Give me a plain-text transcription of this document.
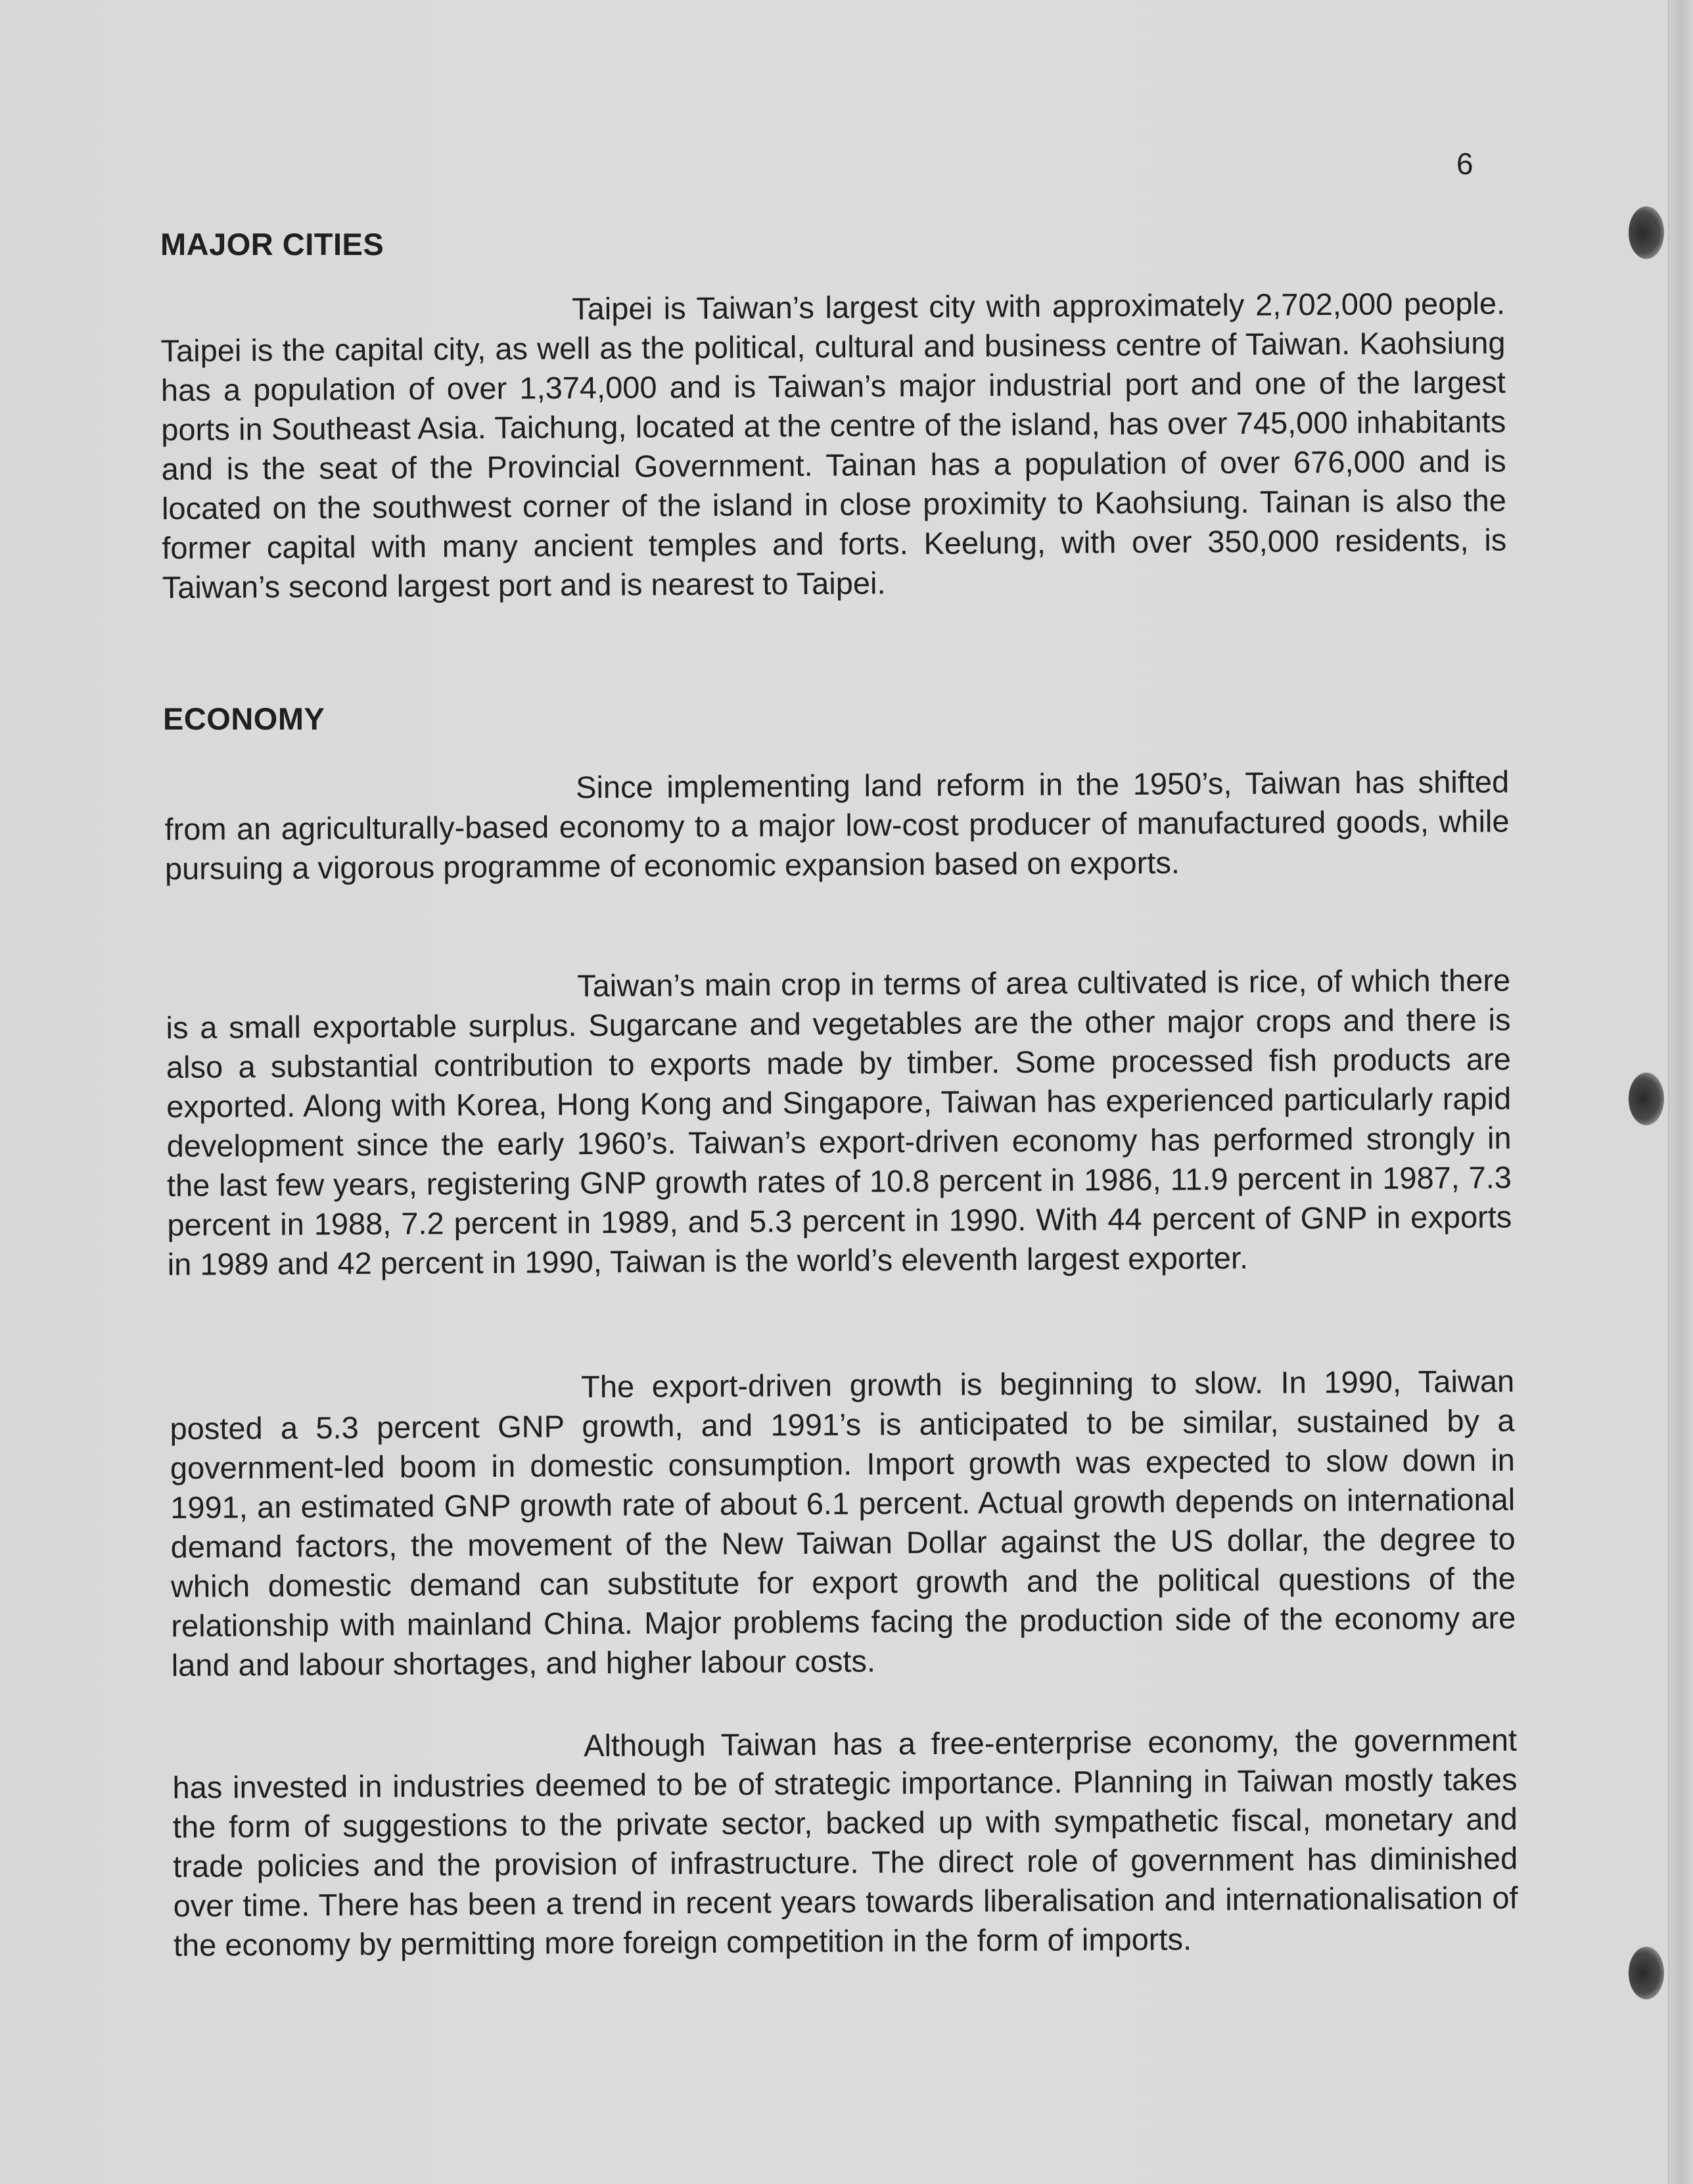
6
MAJOR CITIES

Taipei is Taiwan’s largest city with approximately 2,702,000 people. Taipei is the capital city, as well as the political, cultural and business centre of Taiwan. Kaohsiung has a population of over 1,374,000 and is Taiwan’s major industrial port and one of the largest ports in Southeast Asia. Taichung, located at the centre of the island, has over 745,000 inhabitants and is the seat of the Provincial Government. Tainan has a population of over 676,000 and is located on the southwest corner of the island in close proximity to Kaohsiung. Tainan is also the former capital with many ancient temples and forts. Keelung, with over 350,000 residents, is Taiwan’s second largest port and is nearest to Taipei.

ECONOMY

Since implementing land reform in the 1950’s, Taiwan has shifted from an agriculturally-based economy to a major low-cost producer of manufactured goods, while pursuing a vigorous programme of economic expansion based on exports.

Taiwan’s main crop in terms of area cultivated is rice, of which there is a small exportable surplus. Sugarcane and vegetables are the other major crops and there is also a substantial contribution to exports made by timber. Some processed fish products are exported. Along with Korea, Hong Kong and Singapore, Taiwan has experienced particularly rapid development since the early 1960’s. Taiwan’s export-driven economy has performed strongly in the last few years, registering GNP growth rates of 10.8 percent in 1986, 11.9 percent in 1987, 7.3 percent in 1988, 7.2 percent in 1989, and 5.3 percent in 1990. With 44 percent of GNP in exports in 1989 and 42 percent in 1990, Taiwan is the world’s eleventh largest exporter.

The export-driven growth is beginning to slow. In 1990, Taiwan posted a 5.3 percent GNP growth, and 1991’s is anticipated to be similar, sustained by a government-led boom in domestic consumption. Import growth was expected to slow down in 1991, an estimated GNP growth rate of about 6.1 percent. Actual growth depends on international demand factors, the movement of the New Taiwan Dollar against the US dollar, the degree to which domestic demand can substitute for export growth and the political questions of the relationship with mainland China. Major problems facing the production side of the economy are land and labour shortages, and higher labour costs.

Although Taiwan has a free-enterprise economy, the government has invested in industries deemed to be of strategic importance. Planning in Taiwan mostly takes the form of suggestions to the private sector, backed up with sympathetic fiscal, monetary and trade policies and the provision of infrastructure. The direct role of government has diminished over time. There has been a trend in recent years towards liberalisation and internationalisation of the economy by permitting more foreign competition in the form of imports.
